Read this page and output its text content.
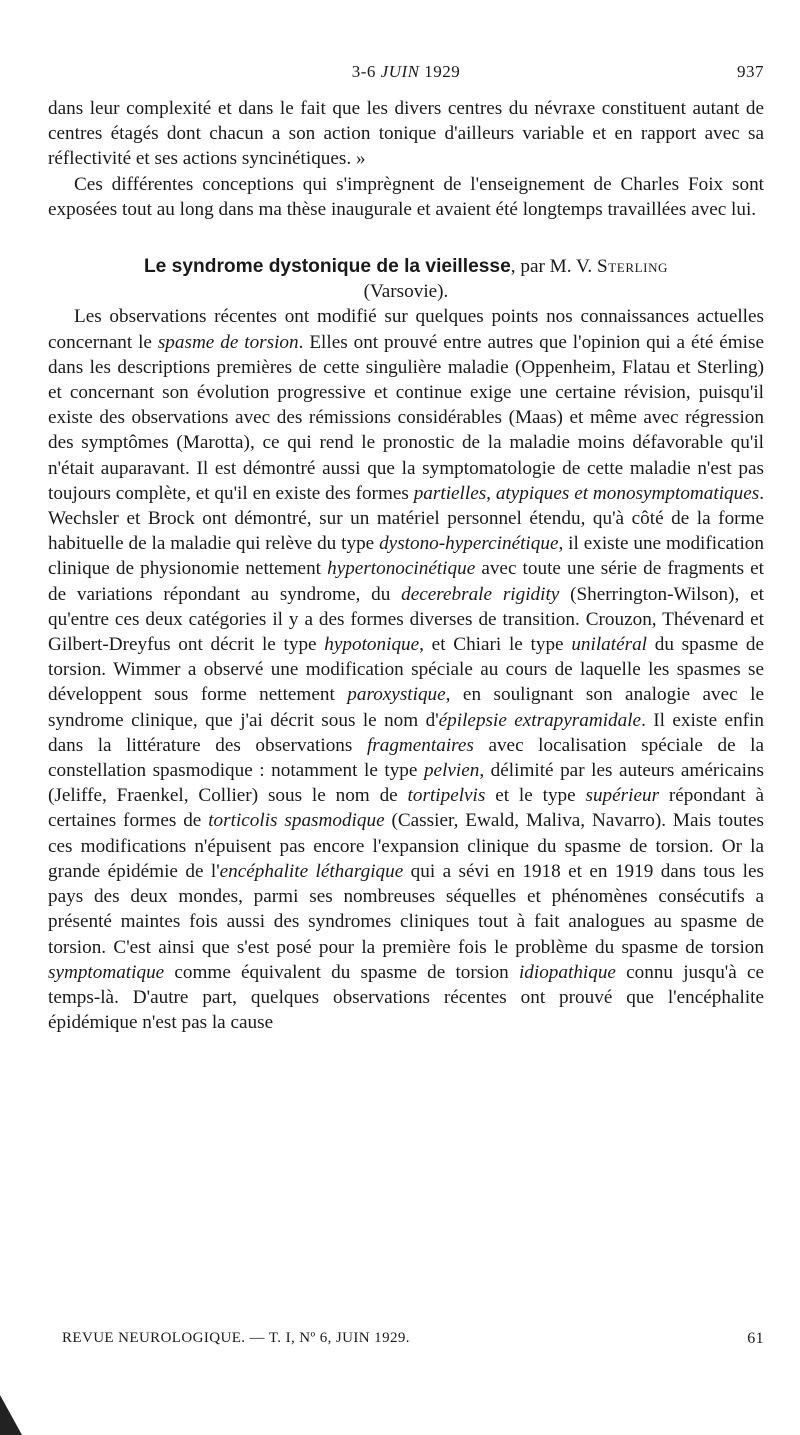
3-6 JUIN 1929	937

dans leur complexité et dans le fait que les divers centres du névraxe constituent autant de centres étagés dont chacun a son action tonique d'ailleurs variable et en rapport avec sa réflectivité et ses actions syncinétiques. »

Ces différentes conceptions qui s'imprègnent de l'enseignement de Charles Foix sont exposées tout au long dans ma thèse inaugurale et avaient été longtemps travaillées avec lui.

Le syndrome dystonique de la vieillesse, par M. V. Sterling
(Varsovie).

Les observations récentes ont modifié sur quelques points nos connaissances actuelles concernant le spasme de torsion. Elles ont prouvé entre autres que l'opinion qui a été émise dans les descriptions premières de cette singulière maladie (Oppenheim, Flatau et Sterling) et concernant son évolution progressive et continue exige une certaine révision, puisqu'il existe des observations avec des rémissions considérables (Maas) et même avec régression des symptômes (Marotta), ce qui rend le pronostic de la maladie moins défavorable qu'il n'était auparavant. Il est démontré aussi que la symptomatologie de cette maladie n'est pas toujours complète, et qu'il en existe des formes partielles, atypiques et monosymptomatiques. Wechsler et Brock ont démontré, sur un matériel personnel étendu, qu'à côté de la forme habituelle de la maladie qui relève du type dystono-hypercinétique, il existe une modification clinique de physionomie nettement hypertonocinétique avec toute une série de fragments et de variations répondant au syndrome, du decerebrale rigidity (Sherrington-Wilson), et qu'entre ces deux catégories il y a des formes diverses de transition. Crouzon, Thévenard et Gilbert-Dreyfus ont décrit le type hypotonique, et Chiari le type unilatéral du spasme de torsion. Wimmer a observé une modification spéciale au cours de laquelle les spasmes se développent sous forme nettement paroxystique, en soulignant son analogie avec le syndrome clinique, que j'ai décrit sous le nom d'épilepsie extrapyramidale. Il existe enfin dans la littérature des observations fragmentaires avec localisation spéciale de la constellation spasmodique : notamment le type pelvien, délimité par les auteurs américains (Jeliffe, Fraenkel, Collier) sous le nom de tortipelvis et le type supérieur répondant à certaines formes de torticolis spasmodique (Cassier, Ewald, Maliva, Navarro). Mais toutes ces modifications n'épuisent pas encore l'expansion clinique du spasme de torsion. Or la grande épidémie de l'encéphalite léthargique qui a sévi en 1918 et en 1919 dans tous les pays des deux mondes, parmi ses nombreuses séquelles et phénomènes consécutifs a présenté maintes fois aussi des syndromes cliniques tout à fait analogues au spasme de torsion. C'est ainsi que s'est posé pour la première fois le problème du spasme de torsion symptomatique comme équivalent du spasme de torsion idiopathique connu jusqu'à ce temps-là. D'autre part, quelques observations récentes ont prouvé que l'encéphalite épidémique n'est pas la cause

REVUE NEUROLOGIQUE. — T. I, Nº 6, JUIN 1929.	61
